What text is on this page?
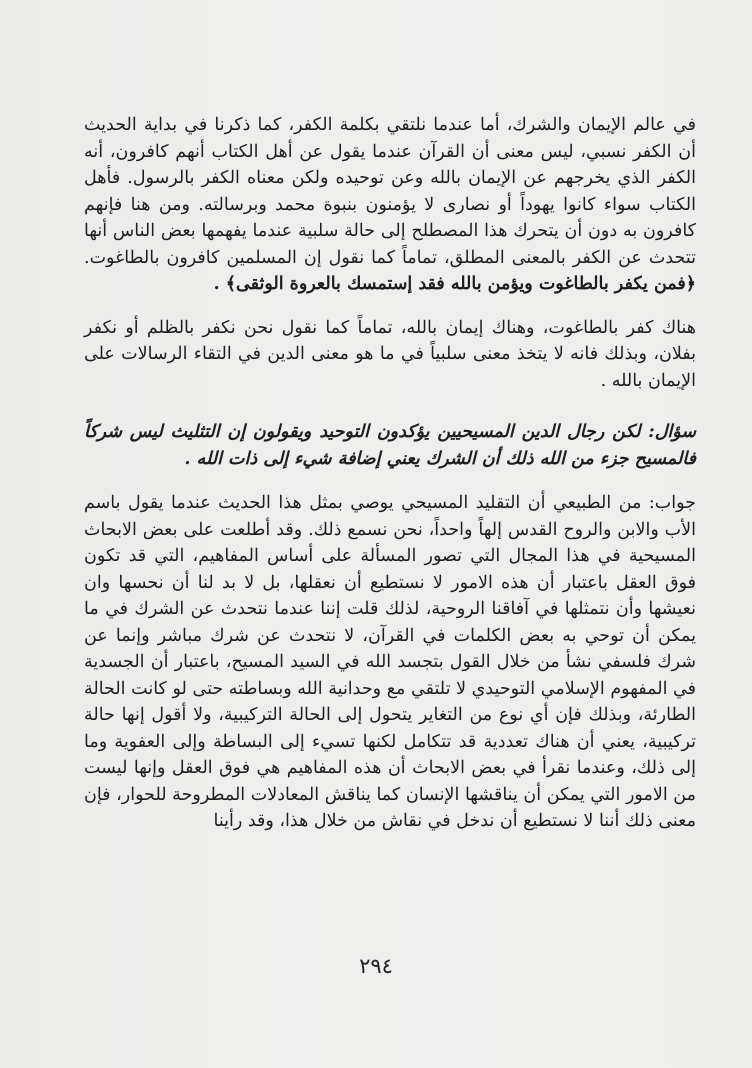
في عالم الإيمان والشرك، أما عندما نلتقي بكلمة الكفر، كما ذكرنا في بداية الحديث أن الكفر نسبي، ليس معنى أن القرآن عندما يقول عن أهل الكتاب أنهم كافرون، أنه الكفر الذي يخرجهم عن الإيمان بالله وعن توحيده ولكن معناه الكفر بالرسول. فأهل الكتاب سواء كانوا يهوداً أو نصارى لا يؤمنون بنبوة محمد وبرسالته. ومن هنا فإنهم كافرون به دون أن يتحرك هذا المصطلح إلى حالة سلبية عندما يفهمها بعض الناس أنها تتحدث عن الكفر بالمعنى المطلق، تماماً كما نقول إن المسلمين كافرون بالطاغوت. ﴿فمن يكفر بالطاغوت ويؤمن بالله فقد إستمسك بالعروة الوثقى﴾ .

هناك كفر بالطاغوت، وهناك إيمان بالله، تماماً كما نقول نحن نكفر بالظلم أو نكفر بفلان، وبذلك فانه لا يتخذ معنى سلبياً في ما هو معنى الدين في التقاء الرسالات على الإيمان بالله .

سؤال: لكن رجال الدين المسيحيين يؤكدون التوحيد ويقولون إن التثليث ليس شركاً فالمسيح جزء من الله ذلك أن الشرك يعني إضافة شيء إلى ذات الله .

جواب: من الطبيعي أن التقليد المسيحي يوصي بمثل هذا الحديث عندما يقول باسم الأب والابن والروح القدس إلهاً واحداً، نحن نسمع ذلك. وقد أطلعت على بعض الابحاث المسيحية في هذا المجال التي تصور المسألة على أساس المفاهيم، التي قد تكون فوق العقل باعتبار أن هذه الامور لا نستطيع أن نعقلها، بل لا بد لنا أن نحسها وان نعيشها وأن نتمثلها في آفاقنا الروحية، لذلك قلت إننا عندما نتحدث عن الشرك في ما يمكن أن توحي به بعض الكلمات في القرآن، لا نتحدث عن شرك مباشر وإنما عن شرك فلسفي نشأ من خلال القول بتجسد الله في السيد المسيح، باعتبار أن الجسدية في المفهوم الإسلامي التوحيدي لا تلتقي مع وحدانية الله وبساطته حتى لو كانت الحالة الطارئة، وبذلك فإن أي نوع من التغاير يتحول إلى الحالة التركيبية، ولا أقول إنها حالة تركيبية، يعني أن هناك تعددية قد تتكامل لكنها تسيء إلى البساطة وإلى العفوية وما إلى ذلك، وعندما نقرأ في بعض الابحاث أن هذه المفاهيم هي فوق العقل وإنها ليست من الامور التي يمكن أن يناقشها الإنسان كما يناقش المعادلات المطروحة للحوار، فإن معنى ذلك أننا لا نستطيع أن ندخل في نقاش من خلال هذا، وقد رأينا

٢٩٤
